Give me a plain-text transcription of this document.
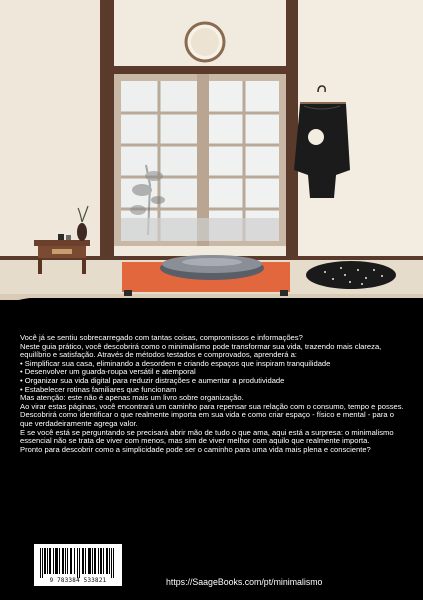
Você já se sentiu sobrecarregado com tantas coisas, compromissos e informações?

Neste guia prático, você descobrirá como o minimalismo pode transformar sua vida, trazendo mais clareza, equilíbrio e satisfação. Através de métodos testados e comprovados, aprenderá a:

• Simplificar sua casa, eliminando a desordem e criando espaços que inspiram tranquilidade

• Desenvolver um guarda-roupa versátil e atemporal

• Organizar sua vida digital para reduzir distrações e aumentar a produtividade

• Estabelecer rotinas familiares que funcionam

Mas atenção: este não é apenas mais um livro sobre organização.

Ao virar estas páginas, você encontrará um caminho para repensar sua relação com o consumo, tempo e posses. Descobrirá como identificar o que realmente importa em sua vida e como criar espaço - físico e mental - para o que verdadeiramente agrega valor.

E se você está se perguntando se precisará abrir mão de tudo o que ama, aqui está a surpresa: o minimalismo essencial não se trata de viver com menos, mas sim de viver melhor com aquilo que realmente importa.

Pronto para descobrir como a simplicidade pode ser o caminho para uma vida mais plena e consciente?

9 783384 533821	https://SaageBooks.com/pt/minimalismo
